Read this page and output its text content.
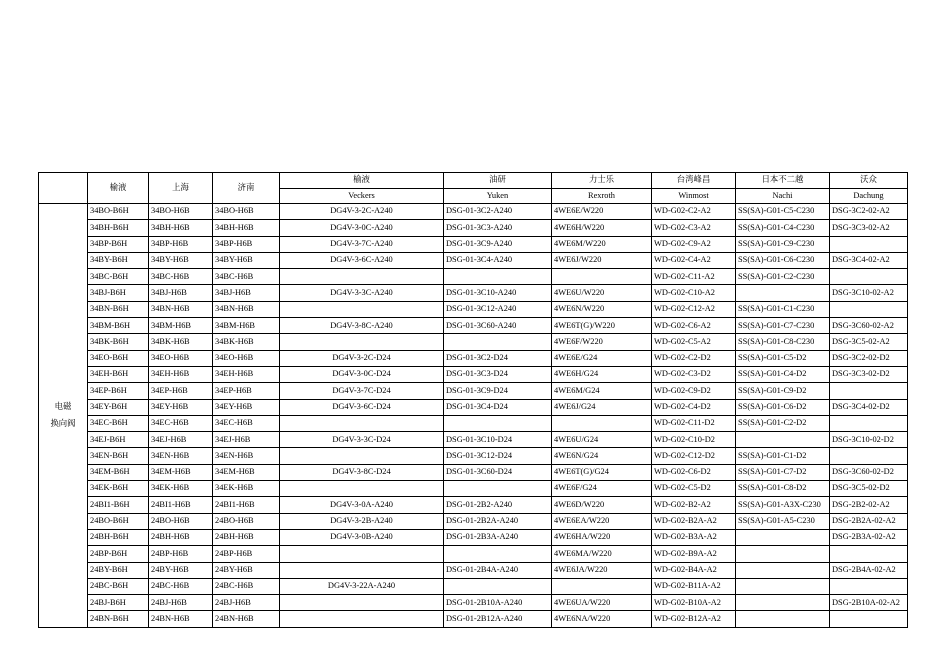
	榆液	上海	济南	榆液	油研	力士乐	台湾峰昌	日本不二越	沃众
				Veckers	Yuken	Rexroth	Winmost	Nachi	Dachung

电磁
换向阀	34BO-B6H	34BO-H6B	34BO-H6B	DG4V-3-2C-A240	DSG-01-3C2-A240	4WE6E/W220	WD-G02-C2-A2	SS(SA)-G01-C5-C230	DSG-3C2-02-A2
	34BH-B6H	34BH-H6B	34BH-H6B	DG4V-3-0C-A240	DSG-01-3C3-A240	4WE6H/W220	WD-G02-C3-A2	SS(SA)-G01-C4-C230	DSG-3C3-02-A2
	34BP-B6H	34BP-H6B	34BP-H6B	DG4V-3-7C-A240	DSG-01-3C9-A240	4WE6M/W220	WD-G02-C9-A2	SS(SA)-G01-C9-C230	
	34BY-B6H	34BY-H6B	34BY-H6B	DG4V-3-6C-A240	DSG-01-3C4-A240	4WE6J/W220	WD-G02-C4-A2	SS(SA)-G01-C6-C230	DSG-3C4-02-A2
	34BC-B6H	34BC-H6B	34BC-H6B				WD-G02-C11-A2	SS(SA)-G01-C2-C230	
	34BJ-B6H	34BJ-H6B	34BJ-H6B	DG4V-3-3C-A240	DSG-01-3C10-A240	4WE6U/W220	WD-G02-C10-A2		DSG-3C10-02-A2
	34BN-B6H	34BN-H6B	34BN-H6B		DSG-01-3C12-A240	4WE6N/W220	WD-G02-C12-A2	SS(SA)-G01-C1-C230	
	34BM-B6H	34BM-H6B	34BM-H6B	DG4V-3-8C-A240	DSG-01-3C60-A240	4WE6T(G)/W220	WD-G02-C6-A2	SS(SA)-G01-C7-C230	DSG-3C60-02-A2
	34BK-B6H	34BK-H6B	34BK-H6B			4WE6F/W220	WD-G02-C5-A2	SS(SA)-G01-C8-C230	DSG-3C5-02-A2
	34EO-B6H	34EO-H6B	34EO-H6B	DG4V-3-2C-D24	DSG-01-3C2-D24	4WE6E/G24	WD-G02-C2-D2	SS(SA)-G01-C5-D2	DSG-3C2-02-D2
	34EH-B6H	34EH-H6B	34EH-H6B	DG4V-3-0C-D24	DSG-01-3C3-D24	4WE6H/G24	WD-G02-C3-D2	SS(SA)-G01-C4-D2	DSG-3C3-02-D2
	34EP-B6H	34EP-H6B	34EP-H6B	DG4V-3-7C-D24	DSG-01-3C9-D24	4WE6M/G24	WD-G02-C9-D2	SS(SA)-G01-C9-D2	
	34EY-B6H	34EY-H6B	34EY-H6B	DG4V-3-6C-D24	DSG-01-3C4-D24	4WE6J/G24	WD-G02-C4-D2	SS(SA)-G01-C6-D2	DSG-3C4-02-D2
	34EC-B6H	34EC-H6B	34EC-H6B				WD-G02-C11-D2	SS(SA)-G01-C2-D2	
	34EJ-B6H	34EJ-H6B	34EJ-H6B	DG4V-3-3C-D24	DSG-01-3C10-D24	4WE6U/G24	WD-G02-C10-D2		DSG-3C10-02-D2
	34EN-B6H	34EN-H6B	34EN-H6B		DSG-01-3C12-D24	4WE6N/G24	WD-G02-C12-D2	SS(SA)-G01-C1-D2	
	34EM-B6H	34EM-H6B	34EM-H6B	DG4V-3-8C-D24	DSG-01-3C60-D24	4WE6T(G)/G24	WD-G02-C6-D2	SS(SA)-G01-C7-D2	DSG-3C60-02-D2
	34EK-B6H	34EK-H6B	34EK-H6B			4WE6F/G24	WD-G02-C5-D2	SS(SA)-G01-C8-D2	DSG-3C5-02-D2
	24BI1-B6H	24BI1-H6B	24BI1-H6B	DG4V-3-0A-A240	DSG-01-2B2-A240	4WE6D/W220	WD-G02-B2-A2	SS(SA)-G01-A3X-C230	DSG-2B2-02-A2
	24BO-B6H	24BO-H6B	24BO-H6B	DG4V-3-2B-A240	DSG-01-2B2A-A240	4WE6EA/W220	WD-G02-B2A-A2	SS(SA)-G01-A5-C230	DSG-2B2A-02-A2
	24BH-B6H	24BH-H6B	24BH-H6B	DG4V-3-0B-A240	DSG-01-2B3A-A240	4WE6HA/W220	WD-G02-B3A-A2		DSG-2B3A-02-A2
	24BP-B6H	24BP-H6B	24BP-H6B			4WE6MA/W220	WD-G02-B9A-A2		
	24BY-B6H	24BY-H6B	24BY-H6B		DSG-01-2B4A-A240	4WE6JA/W220	WD-G02-B4A-A2		DSG-2B4A-02-A2
	24BC-B6H	24BC-H6B	24BC-H6B	DG4V-3-22A-A240			WD-G02-B11A-A2		
	24BJ-B6H	24BJ-H6B	24BJ-H6B		DSG-01-2B10A-A240	4WE6UA/W220	WD-G02-B10A-A2		DSG-2B10A-02-A2
	24BN-B6H	24BN-H6B	24BN-H6B		DSG-01-2B12A-A240	4WE6NA/W220	WD-G02-B12A-A2		
